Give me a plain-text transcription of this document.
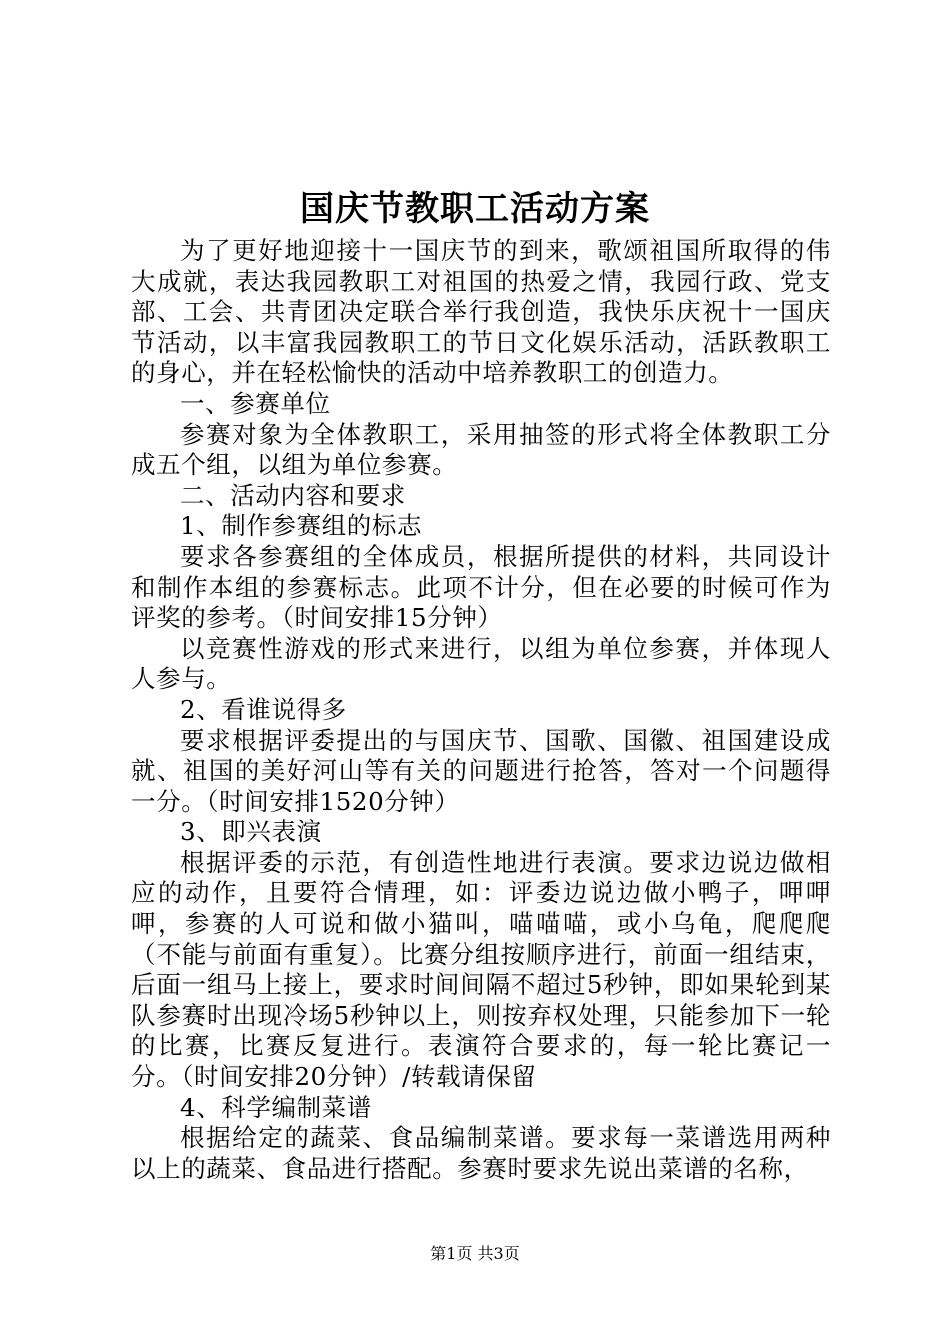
国庆节教职工活动方案

为了更好地迎接十一国庆节的到来，歌颂祖国所取得的伟大成就，表达我园教职工对祖国的热爱之情，我园行政、党支部、工会、共青团决定联合举行我创造，我快乐庆祝十一国庆节活动，以丰富我园教职工的节日文化娱乐活动，活跃教职工的身心，并在轻松愉快的活动中培养教职工的创造力。

一、参赛单位

参赛对象为全体教职工，采用抽签的形式将全体教职工分成五个组，以组为单位参赛。

二、活动内容和要求

1、制作参赛组的标志

要求各参赛组的全体成员，根据所提供的材料，共同设计和制作本组的参赛标志。此项不计分，但在必要的时候可作为评奖的参考。（时间安排15分钟）

以竞赛性游戏的形式来进行，以组为单位参赛，并体现人人参与。

2、看谁说得多

要求根据评委提出的与国庆节、国歌、国徽、祖国建设成就、祖国的美好河山等有关的问题进行抢答，答对一个问题得一分。（时间安排1520分钟）

3、即兴表演

根据评委的示范，有创造性地进行表演。要求边说边做相应的动作，且要符合情理，如：评委边说边做小鸭子，呷呷呷，参赛的人可说和做小猫叫，喵喵喵，或小乌龟，爬爬爬（不能与前面有重复）。比赛分组按顺序进行，前面一组结束，后面一组马上接上，要求时间间隔不超过5秒钟，即如果轮到某队参赛时出现冷场5秒钟以上，则按弃权处理，只能参加下一轮的比赛，比赛反复进行。表演符合要求的，每一轮比赛记一分。（时间安排20分钟）/转载请保留

4、科学编制菜谱

根据给定的蔬菜、食品编制菜谱。要求每一菜谱选用两种以上的蔬菜、食品进行搭配。参赛时要求先说出菜谱的名称，

第1页 共3页
